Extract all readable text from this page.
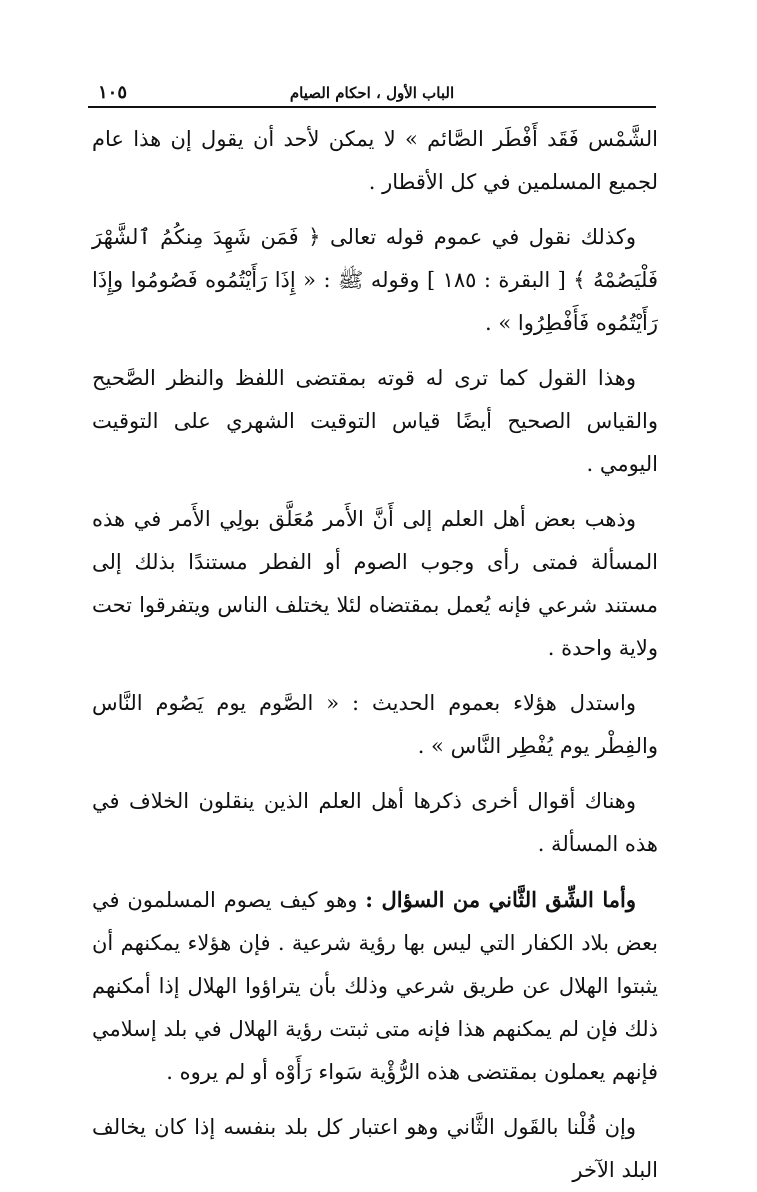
الباب الأول ، احكام الصيام
١٠٥

الشَّمْس فَقَد أَفْطَر الصَّائم » لا يمكن لأحد أن يقول إن هذا عام لجميع المسلمين في كل الأقطار .

وكذلك نقول في عموم قوله تعالى ﴿ فَمَن شَهِدَ مِنكُمُ ٱلشَّهْرَ فَلْيَصُمْهُ ﴾ [ البقرة : ١٨٥ ] وقوله ﷺ : « إِذَا رَأَيْتُمُوه فَصُومُوا وإِذَا رَأَيْتُمُوه فَأَفْطِرُوا » .

وهذا القول كما ترى له قوته بمقتضى اللفظ والنظر الصَّحيح والقياس الصحيح أيضًا قياس التوقيت الشهري على التوقيت اليومي .

وذهب بعض أهل العلم إلى أَنَّ الأَمر مُعَلَّق بولِي الأَمر في هذه المسألة فمتى رأى وجوب الصوم أو الفطر مستندًا بذلك إلى مستند شرعي فإنه يُعمل بمقتضاه لئلا يختلف الناس ويتفرقوا تحت ولاية واحدة .

واستدل هؤلاء بعموم الحديث : « الصَّوم يوم يَصُوم النَّاس والفِطْر يوم يُفْطِر النَّاس » .

وهناك أقوال أخرى ذكرها أهل العلم الذين ينقلون الخلاف في هذه المسألة .

وأما الشِّق الثَّاني من السؤال : وهو كيف يصوم المسلمون في بعض بلاد الكفار التي ليس بها رؤية شرعية . فإن هؤلاء يمكنهم أن يثبتوا الهلال عن طريق شرعي وذلك بأن يتراؤوا الهلال إذا أمكنهم ذلك فإن لم يمكنهم هذا فإنه متى ثبتت رؤية الهلال في بلد إسلامي فإنهم يعملون بمقتضى هذه الرُّؤْية سَواء رَأَوْه أو لم يروه .

وإن قُلْنا بالقَول الثَّاني وهو اعتبار كل بلد بنفسه إذا كان يخالف البلد الآخر
